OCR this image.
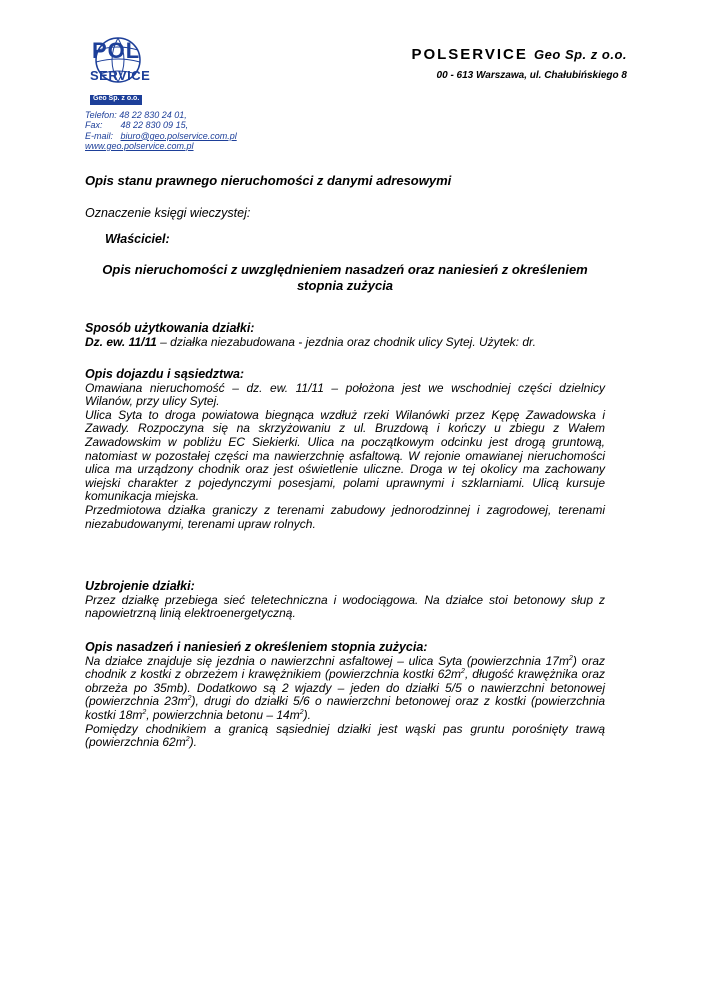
POL
SERVICE
Geo Sp. z o.o.
POLSERVICE Geo Sp. z o.o.
00 - 613 Warszawa, ul. Chałubińskiego 8
Telefon: 48 22 830 24 01,
Fax: 48 22 830 09 15,
E-mail: biuro@geo.polservice.com.pl
www.geo.polservice.com.pl
Opis stanu prawnego nieruchomości z danymi adresowymi
Oznaczenie księgi wieczystej:
Właściciel:
Opis nieruchomości z uwzględnieniem nasadzeń oraz naniesień z określeniem stopnia zużycia
Sposób użytkowania działki:

Dz. ew. 11/11 – działka niezabudowana - jezdnia oraz chodnik ulicy Sytej. Użytek: dr.

Opis dojazdu i sąsiedztwa:

Omawiana nieruchomość – dz. ew. 11/11 – położona jest we wschodniej części dzielnicy Wilanów, przy ulicy Sytej.

Ulica Syta to droga powiatowa biegnąca wzdłuż rzeki Wilanówki przez Kępę Zawadowska i Zawady. Rozpoczyna się na skrzyżowaniu z ul. Bruzdową i kończy u zbiegu z Wałem Zawadowskim w pobliżu EC Siekierki. Ulica na początkowym odcinku jest drogą gruntową, natomiast w pozostałej części ma nawierzchnię asfaltową. W rejonie omawianej nieruchomości ulica ma urządzony chodnik oraz jest oświetlenie uliczne. Droga w tej okolicy ma zachowany wiejski charakter z pojedynczymi posesjami, polami uprawnymi i szklarniami. Ulicą kursuje komunikacja miejska.

Przedmiotowa działka graniczy z terenami zabudowy jednorodzinnej i zagrodowej, terenami niezabudowanymi, terenami upraw rolnych.

Uzbrojenie działki:

Przez działkę przebiega sieć teletechniczna i wodociągowa. Na działce stoi betonowy słup z napowietrzną linią elektroenergetyczną.

Opis nasadzeń i naniesień z określeniem stopnia zużycia:

Na działce znajduje się jezdnia o nawierzchni asfaltowej – ulica Syta (powierzchnia $17m^2$) oraz chodnik z kostki z obrzeżem i krawężnikiem (powierzchnia kostki $62m^2$, długość krawężnika oraz obrzeża po 35mb). Dodatkowo są 2 wjazdy – jeden do działki 5/5 o nawierzchni betonowej (powierzchnia $23m^2$), drugi do działki 5/6 o nawierzchni betonowej oraz z kostki (powierzchnia kostki $18m^2$, powierzchnia betonu – $14m^2$).

Pomiędzy chodnikiem a granicą sąsiedniej działki jest wąski pas gruntu porośnięty trawą (powierzchnia $62m^2$).
